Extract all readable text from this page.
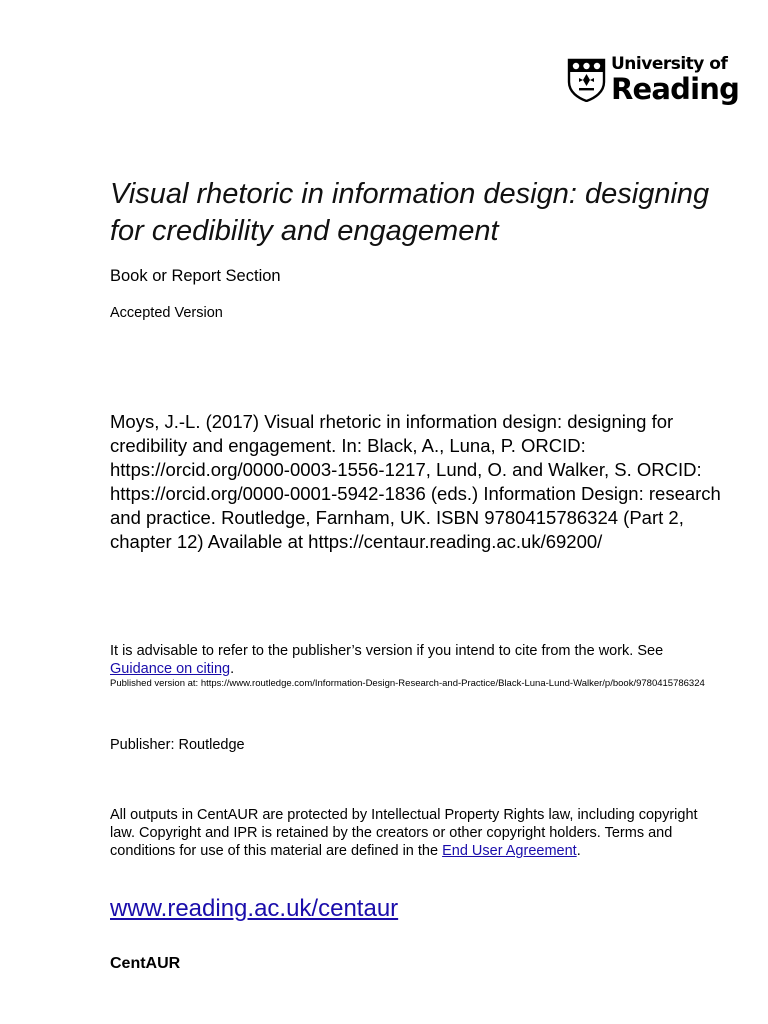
University of
Reading
Visual rhetoric in information design: designing for credibility and engagement
Book or Report Section
Accepted Version
Moys, J.-L. (2017) Visual rhetoric in information design: designing for credibility and engagement. In: Black, A., Luna, P. ORCID: https://orcid.org/0000-0003-1556-1217, Lund, O. and Walker, S. ORCID: https://orcid.org/0000-0001-5942-1836 (eds.) Information Design: research and practice. Routledge, Farnham, UK. ISBN 9780415786324 (Part 2, chapter 12) Available at https://centaur.reading.ac.uk/69200/
It is advisable to refer to the publisher’s version if you intend to cite from the work. See Guidance on citing.
Published version at: https://www.routledge.com/Information-Design-Research-and-Practice/Black-Luna-Lund-Walker/p/book/9780415786324
Publisher: Routledge
All outputs in CentAUR are protected by Intellectual Property Rights law, including copyright law. Copyright and IPR is retained by the creators or other copyright holders. Terms and conditions for use of this material are defined in the End User Agreement.
www.reading.ac.uk/centaur
CentAUR
